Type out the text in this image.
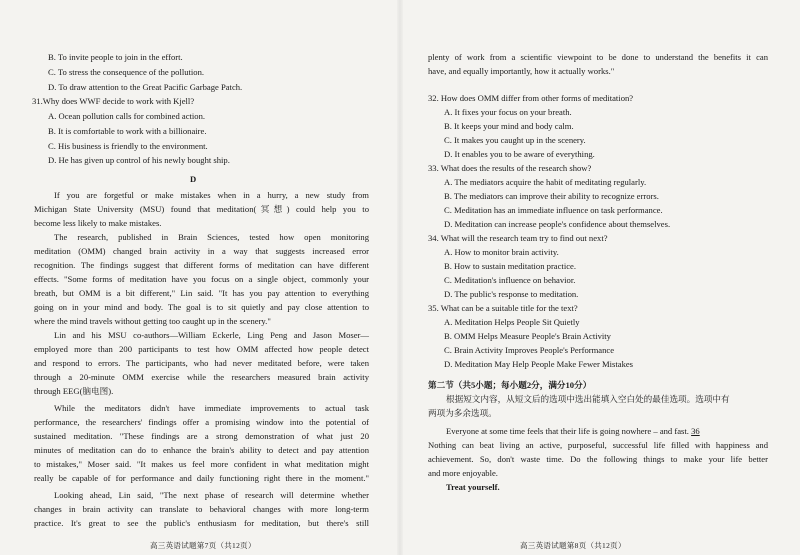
B. To invite people to join in the effort.
C. To stress the consequence of the pollution.
D. To draw attention to the Great Pacific Garbage Patch.
31.Why does WWF decide to work with Kjell?
A. Ocean pollution calls for combined action.
B. It is comfortable to work with a billionaire.
C. His business is friendly to the environment.
D. He has given up control of his newly bought ship.
D
If you are forgetful or make mistakes when in a hurry, a new study from
Michigan State University (MSU) found that meditation(冥想) could help you to
become less likely to make mistakes.
The research, published in Brain Sciences, tested how open monitoring
meditation (OMM) changed brain activity in a way that suggests increased error
recognition. The findings suggest that different forms of meditation can have different
effects. "Some forms of meditation have you focus on a single object, commonly your
breath, but OMM is a bit different," Lin said. "It has you pay attention to everything
going on in your mind and body. The goal is to sit quietly and pay close attention to
where the mind travels without getting too caught up in the scenery."
Lin and his MSU co-authors—William Eckerle, Ling Peng and Jason Moser—
employed more than 200 participants to test how OMM affected how people detect
and respond to errors. The participants, who had never meditated before, were taken
through a 20-minute OMM exercise while the researchers measured brain activity
through EEG(脑电图).
While the meditators didn't have immediate improvements to actual task
performance, the researchers' findings offer a promising window into the potential of
sustained meditation. "These findings are a strong demonstration of what just 20
minutes of meditation can do to enhance the brain's ability to detect and pay attention
to mistakes," Moser said. "It makes us feel more confident in what meditation might
really be capable of for performance and daily functioning right there in the moment."
Looking ahead, Lin said, "The next phase of research will determine whether
changes in brain activity can translate to behavioral changes with more long-term
practice. It's great to see the public's enthusiasm for meditation, but there's still
高三英语试题第7页（共12页）
plenty of work from a scientific viewpoint to be done to understand the benefits it can
have, and equally importantly, how it actually works."
32. How does OMM differ from other forms of meditation?
A. It fixes your focus on your breath.
B. It keeps your mind and body calm.
C. It makes you caught up in the scenery.
D. It enables you to be aware of everything.
33. What does the results of the research show?
A. The mediators acquire the habit of meditating regularly.
B. The mediators can improve their ability to recognize errors.
C. Meditation has an immediate influence on task performance.
D. Meditation can increase people's confidence about themselves.
34. What will the research team try to find out next?
A. How to monitor brain activity.
B. How to sustain meditation practice.
C. Meditation's influence on behavior.
D. The public's response to meditation.
35. What can be a suitable title for the text?
A. Meditation Helps People Sit Quietly
B. OMM Helps Measure People's Brain Activity
C. Brain Activity Improves People's Performance
D. Meditation May Help People Make Fewer Mistakes
第二节（共5小题；每小题2分，满分10分）
根据短文内容，从短文后的选项中选出能填入空白处的最佳选项。选项中有
两项为多余选项。
Everyone at some time feels that their life is going nowhere – and fast. 36
Nothing can beat living an active, purposeful, successful life filled with happiness and
achievement. So, don't waste time. Do the following things to make your life better
and more enjoyable.
Treat yourself.
高三英语试题第8页（共12页）
